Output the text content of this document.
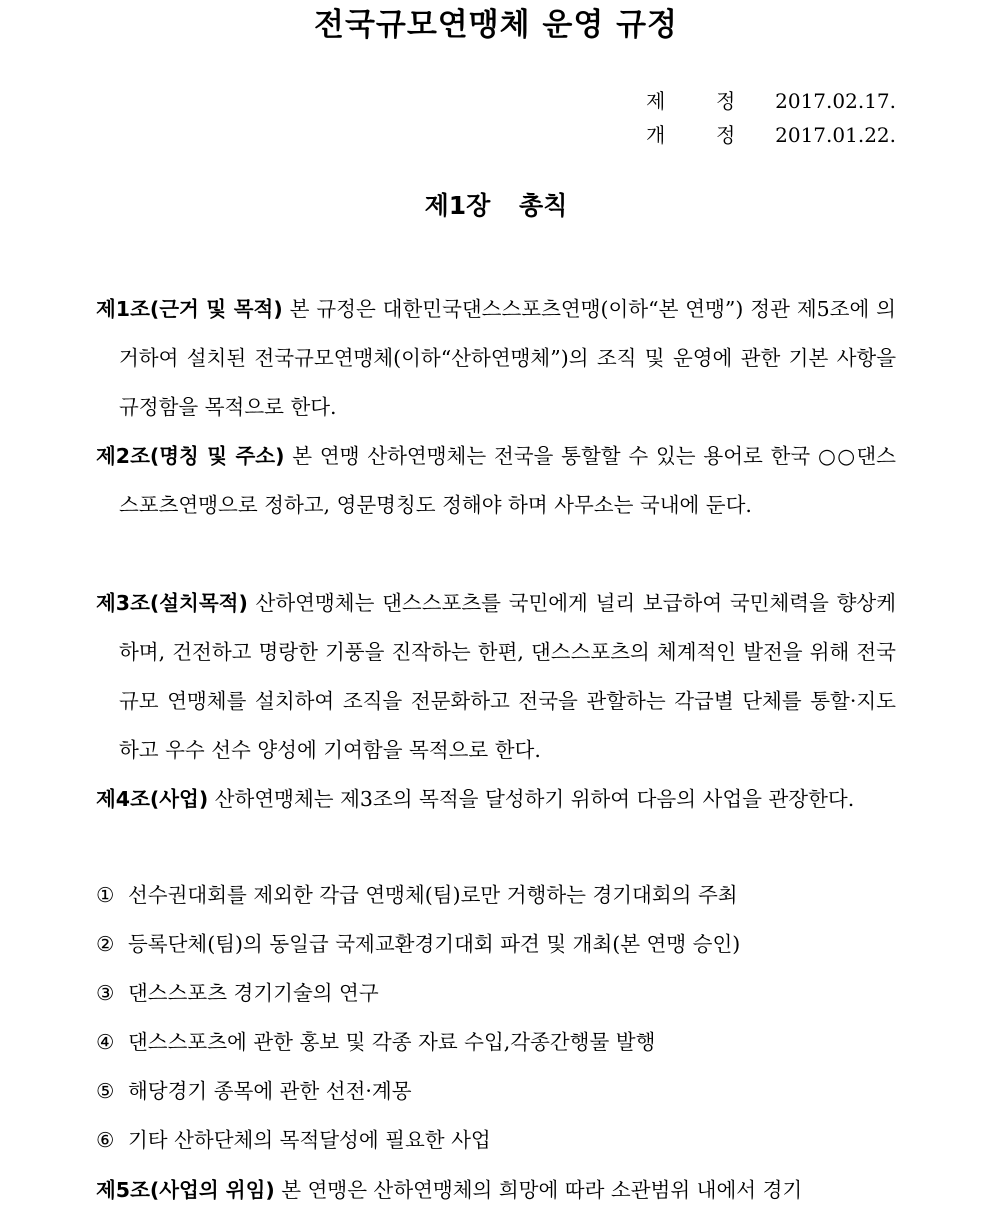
전국규모연맹체 운영 규정
제	정	2017.02.17.
개	정	2017.01.22.
제1장 총칙
제1조(근거 및 목적) 본 규정은 대한민국댄스스포츠연맹(이하“본 연맹”) 정관 제5조에 의거하여 설치된 전국규모연맹체(이하“산하연맹체”)의 조직 및 운영에 관한 기본 사항을 규정함을 목적으로 한다.
제2조(명칭 및 주소) 본 연맹 산하연맹체는 전국을 통할할 수 있는 용어로 한국 ○○댄스스포츠연맹으로 정하고, 영문명칭도 정해야 하며 사무소는 국내에 둔다.
제3조(설치목적) 산하연맹체는 댄스스포츠를 국민에게 널리 보급하여 국민체력을 향상케 하며, 건전하고 명랑한 기풍을 진작하는 한편, 댄스스포츠의 체계적인 발전을 위해 전국규모 연맹체를 설치하여 조직을 전문화하고 전국을 관할하는 각급별 단체를 통할·지도하고 우수 선수 양성에 기여함을 목적으로 한다.
제4조(사업) 산하연맹체는 제3조의 목적을 달성하기 위하여 다음의 사업을 관장한다.
① 선수권대회를 제외한 각급 연맹체(팀)로만 거행하는 경기대회의 주최
② 등록단체(팀)의 동일급 국제교환경기대회 파견 및 개최(본 연맹 승인)
③ 댄스스포츠 경기기술의 연구
④ 댄스스포츠에 관한 홍보 및 각종 자료 수입,각종간행물 발행
⑤ 해당경기 종목에 관한 선전·계몽
⑥ 기타 산하단체의 목적달성에 필요한 사업
제5조(사업의 위임) 본 연맹은 산하연맹체의 희망에 따라 소관범위 내에서 경기
